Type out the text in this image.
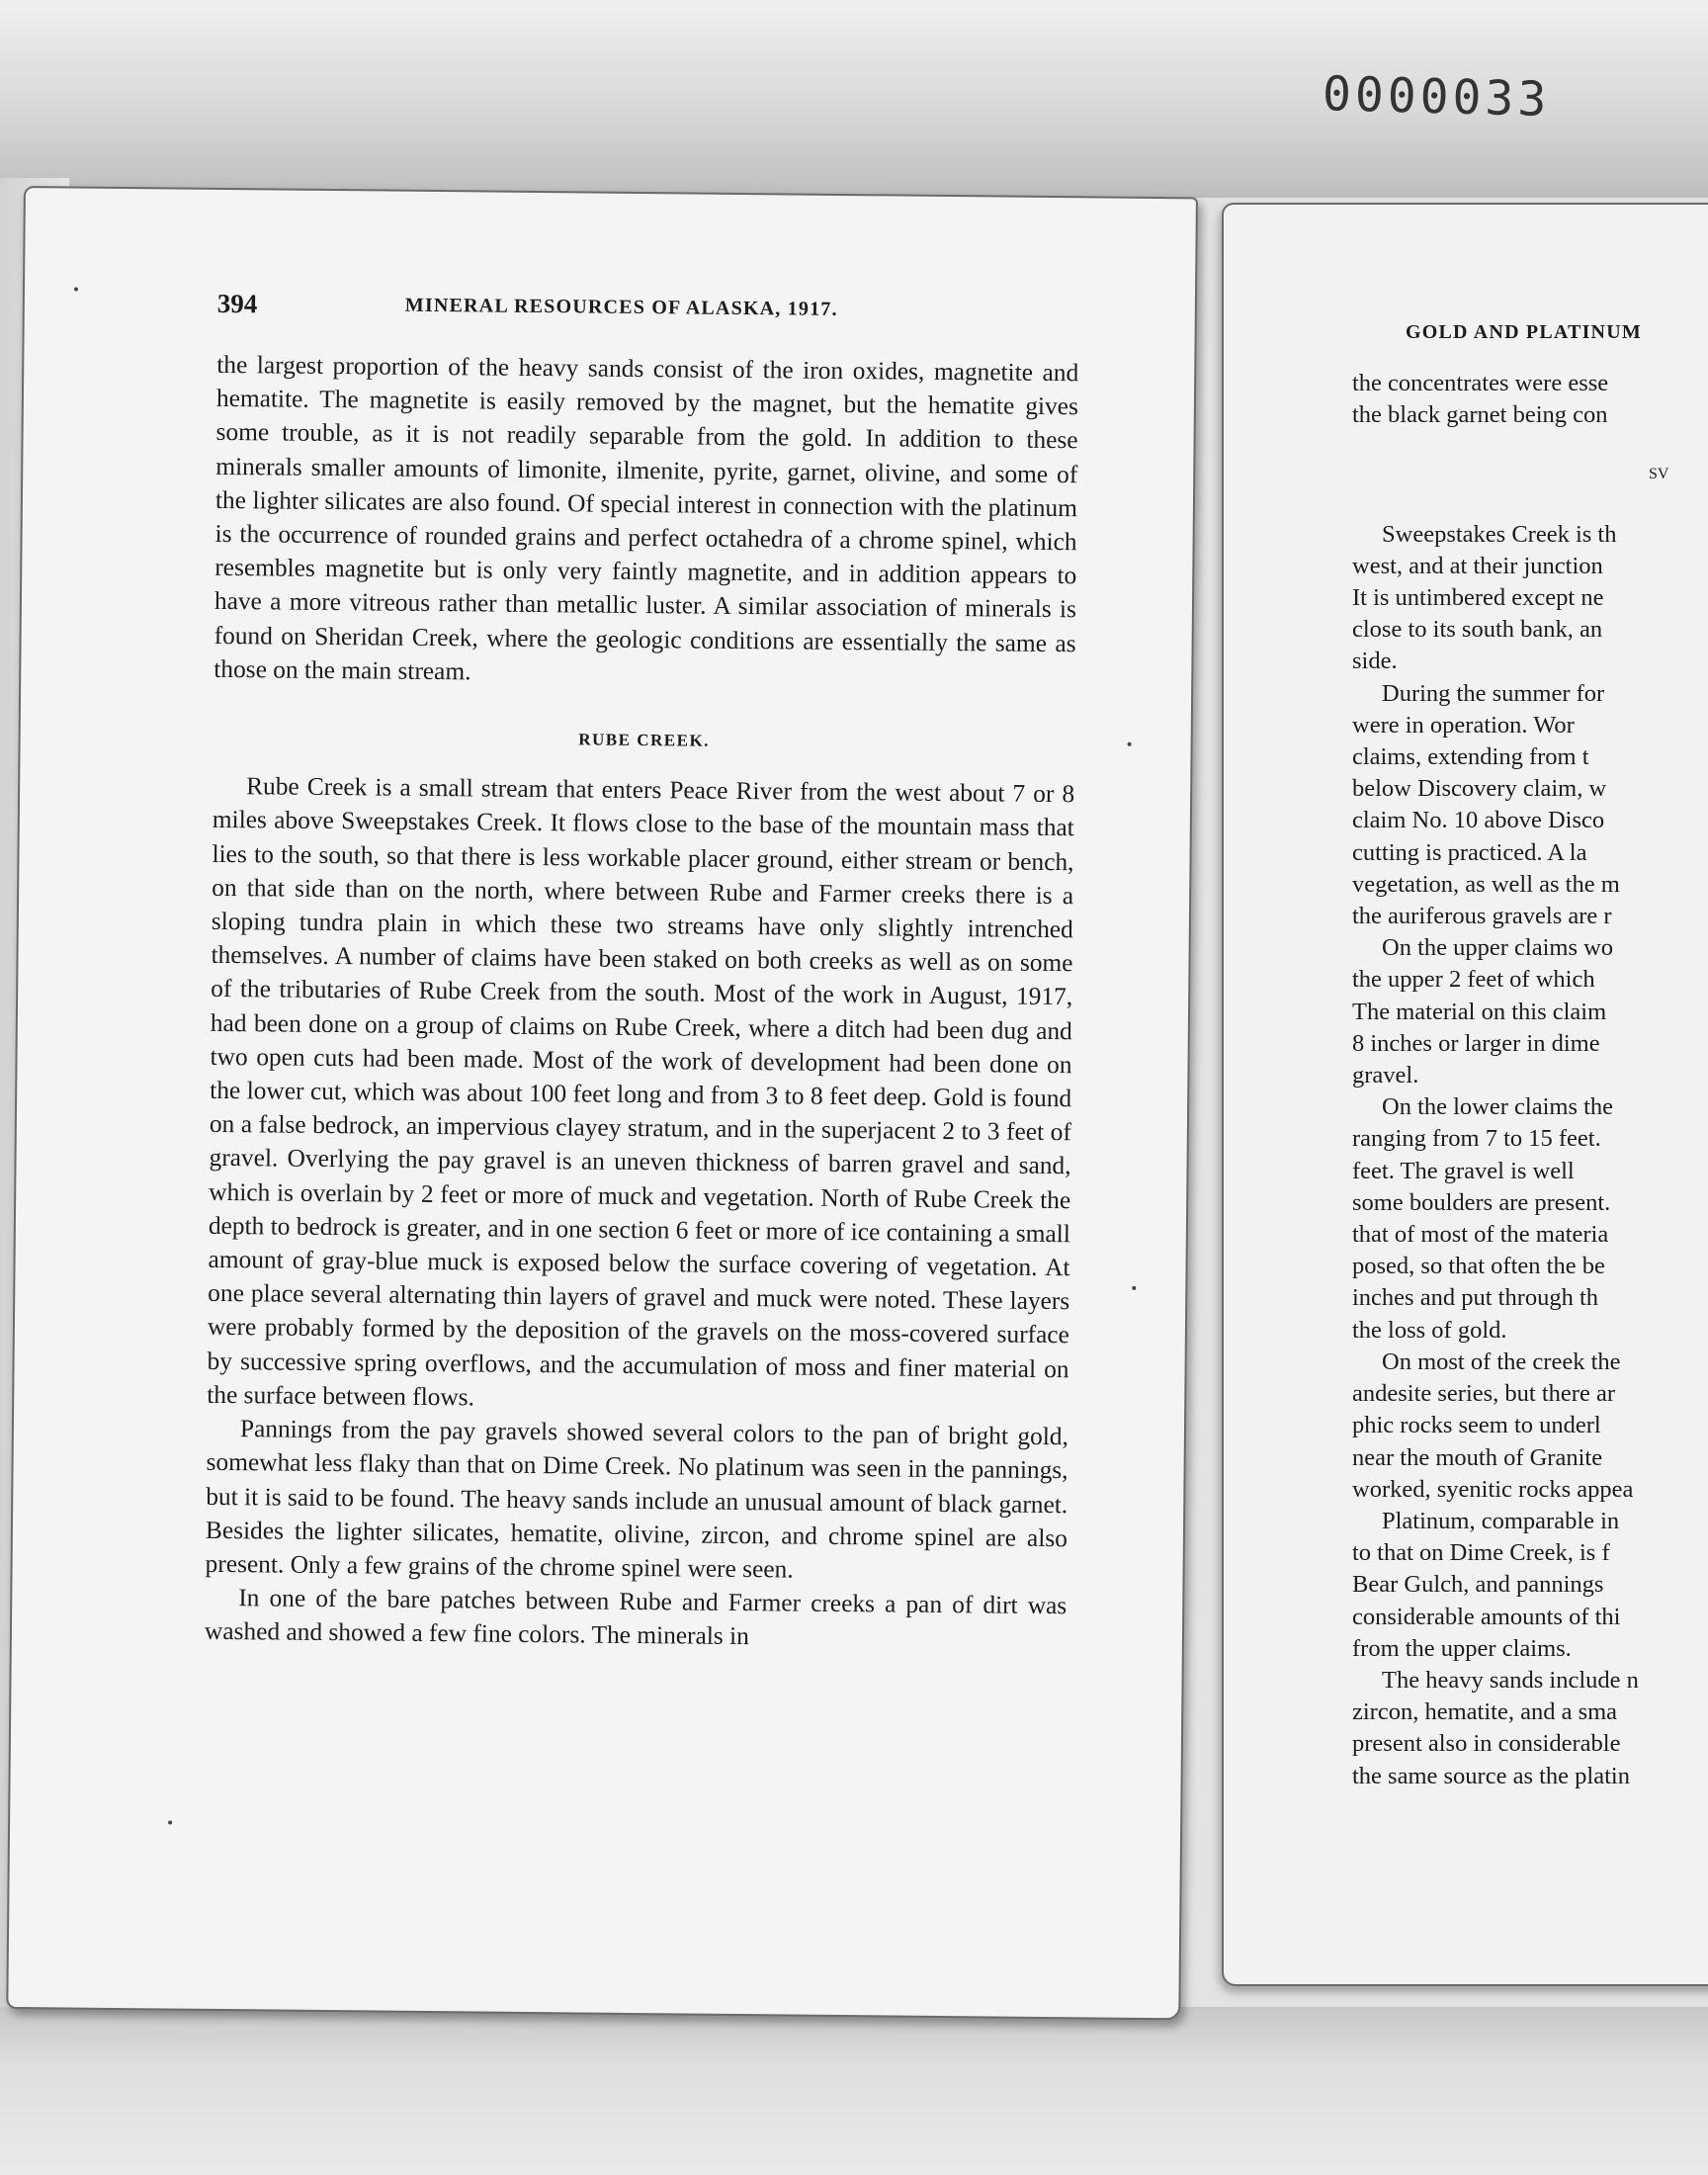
0000033
394	MINERAL RESOURCES OF ALASKA, 1917.

the largest proportion of the heavy sands consist of the iron oxides, magnetite and hematite. The magnetite is easily removed by the magnet, but the hematite gives some trouble, as it is not readily separable from the gold. In addition to these minerals smaller amounts of limonite, ilmenite, pyrite, garnet, olivine, and some of the lighter silicates are also found. Of special interest in connection with the platinum is the occurrence of rounded grains and perfect octahedra of a chrome spinel, which resembles magnetite but is only very faintly magnetite, and in addition appears to have a more vitreous rather than metallic luster. A similar association of minerals is found on Sheridan Creek, where the geologic conditions are essentially the same as those on the main stream.

RUBE CREEK.

Rube Creek is a small stream that enters Peace River from the west about 7 or 8 miles above Sweepstakes Creek. It flows close to the base of the mountain mass that lies to the south, so that there is less workable placer ground, either stream or bench, on that side than on the north, where between Rube and Farmer creeks there is a sloping tundra plain in which these two streams have only slightly intrenched themselves. A number of claims have been staked on both creeks as well as on some of the tributaries of Rube Creek from the south. Most of the work in August, 1917, had been done on a group of claims on Rube Creek, where a ditch had been dug and two open cuts had been made. Most of the work of development had been done on the lower cut, which was about 100 feet long and from 3 to 8 feet deep. Gold is found on a false bedrock, an impervious clayey stratum, and in the superjacent 2 to 3 feet of gravel. Overlying the pay gravel is an uneven thickness of barren gravel and sand, which is overlain by 2 feet or more of muck and vegetation. North of Rube Creek the depth to bedrock is greater, and in one section 6 feet or more of ice containing a small amount of gray-blue muck is exposed below the surface covering of vegetation. At one place several alternating thin layers of gravel and muck were noted. These layers were probably formed by the deposition of the gravels on the moss-covered surface by successive spring overflows, and the accumulation of moss and finer material on the surface between flows.

Pannings from the pay gravels showed several colors to the pan of bright gold, somewhat less flaky than that on Dime Creek. No platinum was seen in the pannings, but it is said to be found. The heavy sands include an unusual amount of black garnet. Besides the lighter silicates, hematite, olivine, zircon, and chrome spinel are also present. Only a few grains of the chrome spinel were seen.

In one of the bare patches between Rube and Farmer creeks a pan of dirt was washed and showed a few fine colors. The minerals in

GOLD AND PLATINUM
the concentrates were esse
the black garnet being con
SV
Sweepstakes Creek is th
west, and at their junction
It is untimbered except ne
close to its south bank, an
side.
During the summer for
were in operation. Wor
claims, extending from t
below Discovery claim, w
claim No. 10 above Disco
cutting is practiced. A la
vegetation, as well as the m
the auriferous gravels are r
On the upper claims wo
the upper 2 feet of which
The material on this claim
8 inches or larger in dime
gravel.
On the lower claims the
ranging from 7 to 15 feet.
feet. The gravel is well
some boulders are present.
that of most of the materia
posed, so that often the be
inches and put through th
the loss of gold.
On most of the creek the
andesite series, but there ar
phic rocks seem to underl
near the mouth of Granite
worked, syenitic rocks appea
Platinum, comparable in
to that on Dime Creek, is f
Bear Gulch, and pannings
considerable amounts of thi
from the upper claims.
The heavy sands include n
zircon, hematite, and a sma
present also in considerable
the same source as the platin
